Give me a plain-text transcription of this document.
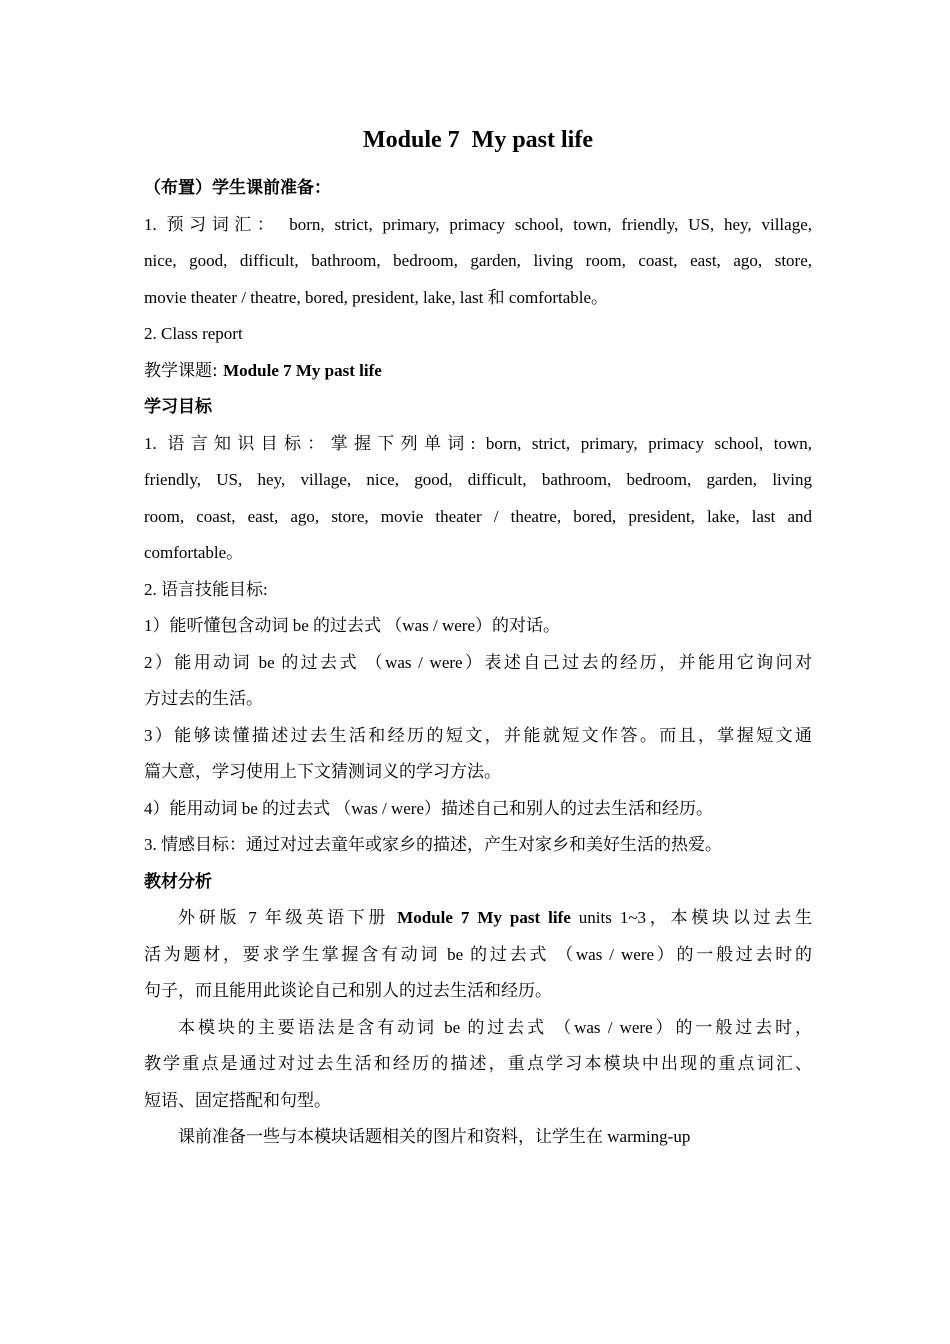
Module 7  My past life
（布置）学生课前准备：
1. 预习词汇： born, strict, primary, primacy school, town, friendly, US, hey, village,
nice, good, difficult, bathroom, bedroom, garden, living room, coast, east, ago, store,
movie theater / theatre, bored, president, lake, last 和 comfortable。
2. Class report
教学课题: Module 7 My past life
学习目标
1. 语言知识目标：掌握下列单词: born, strict, primary, primacy school, town,
friendly, US, hey, village, nice, good, difficult, bathroom, bedroom, garden, living
room, coast, east, ago, store, movie theater / theatre, bored, president, lake, last and
comfortable。
2. 语言技能目标:
1）能听懂包含动词 be 的过去式 （was / were）的对话。
2）能用动词 be 的过去式 （was / were）表述自己过去的经历，并能用它询问对
方过去的生活。
3）能够读懂描述过去生活和经历的短文，并能就短文作答。而且，掌握短文通
篇大意，学习使用上下文猜测词义的学习方法。
4）能用动词 be 的过去式 （was / were）描述自己和别人的过去生活和经历。
3. 情感目标：通过对过去童年或家乡的描述，产生对家乡和美好生活的热爱。
教材分析
外研版 7 年级英语下册 Module 7 My past life units 1~3，本模块以过去生
活为题材，要求学生掌握含有动词 be 的过去式 （was / were）的一般过去时的
句子，而且能用此谈论自己和别人的过去生活和经历。
本模块的主要语法是含有动词 be 的过去式 （was / were）的一般过去时，
教学重点是通过对过去生活和经历的描述，重点学习本模块中出现的重点词汇、
短语、固定搭配和句型。
课前准备一些与本模块话题相关的图片和资料，让学生在 warming-up
